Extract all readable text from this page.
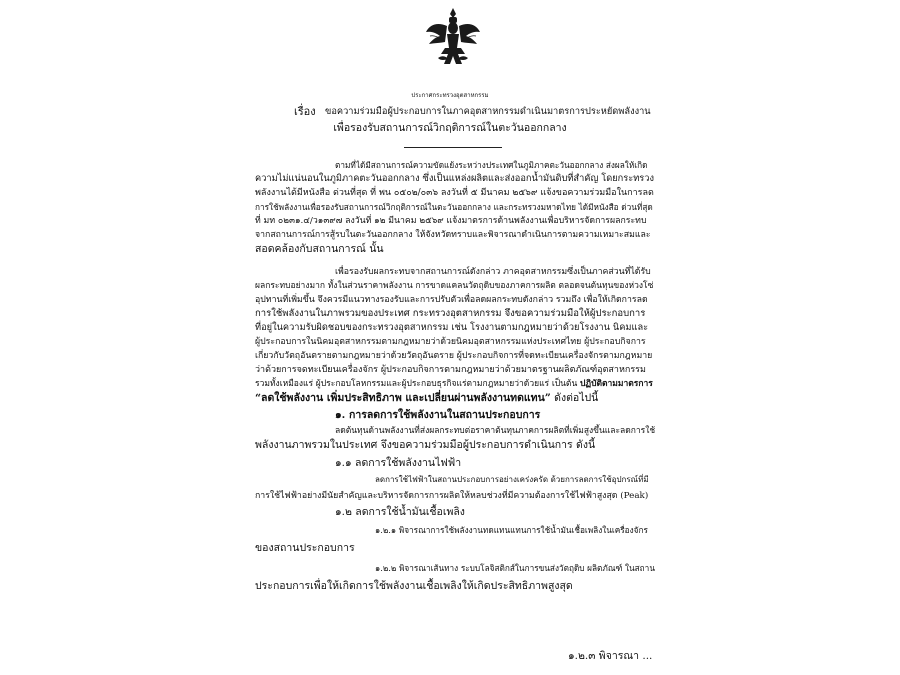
ประกาศกระทรวงอุตสาหกรรม
เรื่อง ขอความร่วมมือผู้ประกอบการในภาคอุตสาหกรรมดำเนินมาตรการประหยัดพลังงาน
เพื่อรองรับสถานการณ์วิกฤติการณ์ในตะวันออกกลาง
ตามที่ได้มีสถานการณ์ความขัดแย้งระหว่างประเทศในภูมิภาคตะวันออกกลาง ส่งผลให้เกิด
ความไม่แน่นอนในภูมิภาคตะวันออกกลาง ซึ่งเป็นแหล่งผลิตและส่งออกน้ำมันดิบที่สำคัญ โดยกระทรวง
พลังงานได้มีหนังสือ ด่วนที่สุด ที่ พน ๐๕๐๒/๐๓๖ ลงวันที่ ๕ มีนาคม ๒๕๖๙ แจ้งขอความร่วมมือในการลด
การใช้พลังงานเพื่อรองรับสถานการณ์วิกฤติการณ์ในตะวันออกกลาง และกระทรวงมหาดไทย ได้มีหนังสือ ด่วนที่สุด
ที่ มท ๐๒๓๑.๔/ว๑๓๙๗ ลงวันที่ ๑๒ มีนาคม ๒๕๖๙ แจ้งมาตรการด้านพลังงานเพื่อบริหารจัดการผลกระทบ
จากสถานการณ์การสู้รบในตะวันออกกลาง ให้จังหวัดทราบและพิจารณาดำเนินการตามความเหมาะสมและ
สอดคล้องกับสถานการณ์ นั้น
เพื่อรองรับผลกระทบจากสถานการณ์ดังกล่าว ภาคอุตสาหกรรมซึ่งเป็นภาคส่วนที่ได้รับ
ผลกระทบอย่างมาก ทั้งในส่วนราคาพลังงาน การขาดแคลนวัตถุดิบของภาคการผลิต ตลอดจนต้นทุนของห่วงโซ่
อุปทานที่เพิ่มขึ้น จึงควรมีแนวทางรองรับและการปรับตัวเพื่อลดผลกระทบดังกล่าว รวมถึง เพื่อให้เกิดการลด
การใช้พลังงานในภาพรวมของประเทศ กระทรวงอุตสาหกรรม จึงขอความร่วมมือให้ผู้ประกอบการ
ที่อยู่ในความรับผิดชอบของกระทรวงอุตสาหกรรม เช่น โรงงานตามกฎหมายว่าด้วยโรงงาน นิคมและ
ผู้ประกอบการในนิคมอุตสาหกรรมตามกฎหมายว่าด้วยนิคมอุตสาหกรรมแห่งประเทศไทย ผู้ประกอบกิจการ
เกี่ยวกับวัตถุอันตรายตามกฎหมายว่าด้วยวัตถุอันตราย ผู้ประกอบกิจการที่จดทะเบียนเครื่องจักรตามกฎหมาย
ว่าด้วยการจดทะเบียนเครื่องจักร ผู้ประกอบกิจการตามกฎหมายว่าด้วยมาตรฐานผลิตภัณฑ์อุตสาหกรรม
รวมทั้งเหมืองแร่ ผู้ประกอบโลหกรรมและผู้ประกอบธุรกิจแร่ตามกฎหมายว่าด้วยแร่ เป็นต้น ปฏิบัติตามมาตรการ
“ลดใช้พลังงาน เพิ่มประสิทธิภาพ และเปลี่ยนผ่านพลังงานทดแทน” ดังต่อไปนี้
๑. การลดการใช้พลังงานในสถานประกอบการ
ลดต้นทุนด้านพลังงานที่ส่งผลกระทบต่อราคาต้นทุนภาคการผลิตที่เพิ่มสูงขึ้นและลดการใช้
พลังงานภาพรวมในประเทศ จึงขอความร่วมมือผู้ประกอบการดำเนินการ ดังนี้
๑.๑ ลดการใช้พลังงานไฟฟ้า
ลดการใช้ไฟฟ้าในสถานประกอบการอย่างเคร่งครัด ด้วยการลดการใช้อุปกรณ์ที่มี
การใช้ไฟฟ้าอย่างมีนัยสำคัญและบริหารจัดการการผลิตให้หลบช่วงที่มีความต้องการใช้ไฟฟ้าสูงสุด (Peak)
๑.๒ ลดการใช้น้ำมันเชื้อเพลิง
๑.๒.๑ พิจารณาการใช้พลังงานทดแทนแทนการใช้น้ำมันเชื้อเพลิงในเครื่องจักร
ของสถานประกอบการ
๑.๒.๒ พิจารณาเส้นทาง ระบบโลจิสติกส์ในการขนส่งวัตถุดิบ ผลิตภัณฑ์ ในสถาน
ประกอบการเพื่อให้เกิดการใช้พลังงานเชื้อเพลิงให้เกิดประสิทธิภาพสูงสุด
๑.๒.๓ พิจารณา ...
